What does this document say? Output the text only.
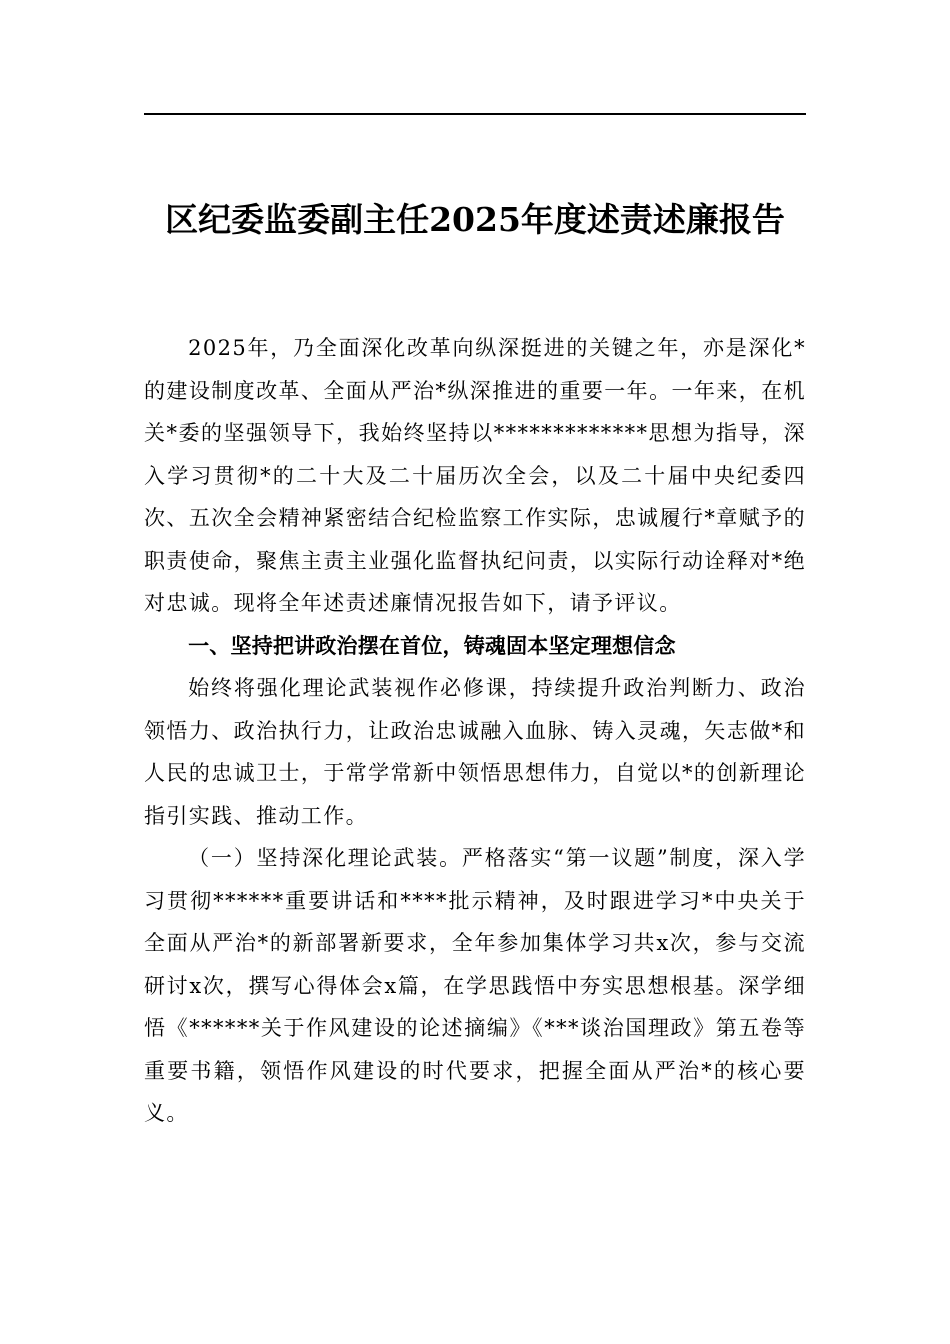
区纪委监委副主任2025年度述责述廉报告

2025年，乃全面深化改革向纵深挺进的关键之年，亦是深化*的建设制度改革、全面从严治*纵深推进的重要一年。一年来，在机关*委的坚强领导下，我始终坚持以*************思想为指导，深入学习贯彻*的二十大及二十届历次全会，以及二十届中央纪委四次、五次全会精神紧密结合纪检监察工作实际，忠诚履行*章赋予的职责使命，聚焦主责主业强化监督执纪问责，以实际行动诠释对*绝对忠诚。现将全年述责述廉情况报告如下，请予评议。

一、坚持把讲政治摆在首位，铸魂固本坚定理想信念

始终将强化理论武装视作必修课，持续提升政治判断力、政治领悟力、政治执行力，让政治忠诚融入血脉、铸入灵魂，矢志做*和人民的忠诚卫士，于常学常新中领悟思想伟力，自觉以*的创新理论指引实践、推动工作。

（一）坚持深化理论武装。严格落实“第一议题”制度，深入学习贯彻******重要讲话和****批示精神，及时跟进学习*中央关于全面从严治*的新部署新要求，全年参加集体学习共x次，参与交流研讨x次，撰写心得体会x篇，在学思践悟中夯实思想根基。深学细悟《******关于作风建设的论述摘编》《***谈治国理政》第五卷等重要书籍，领悟作风建设的时代要求，把握全面从严治*的核心要义。
